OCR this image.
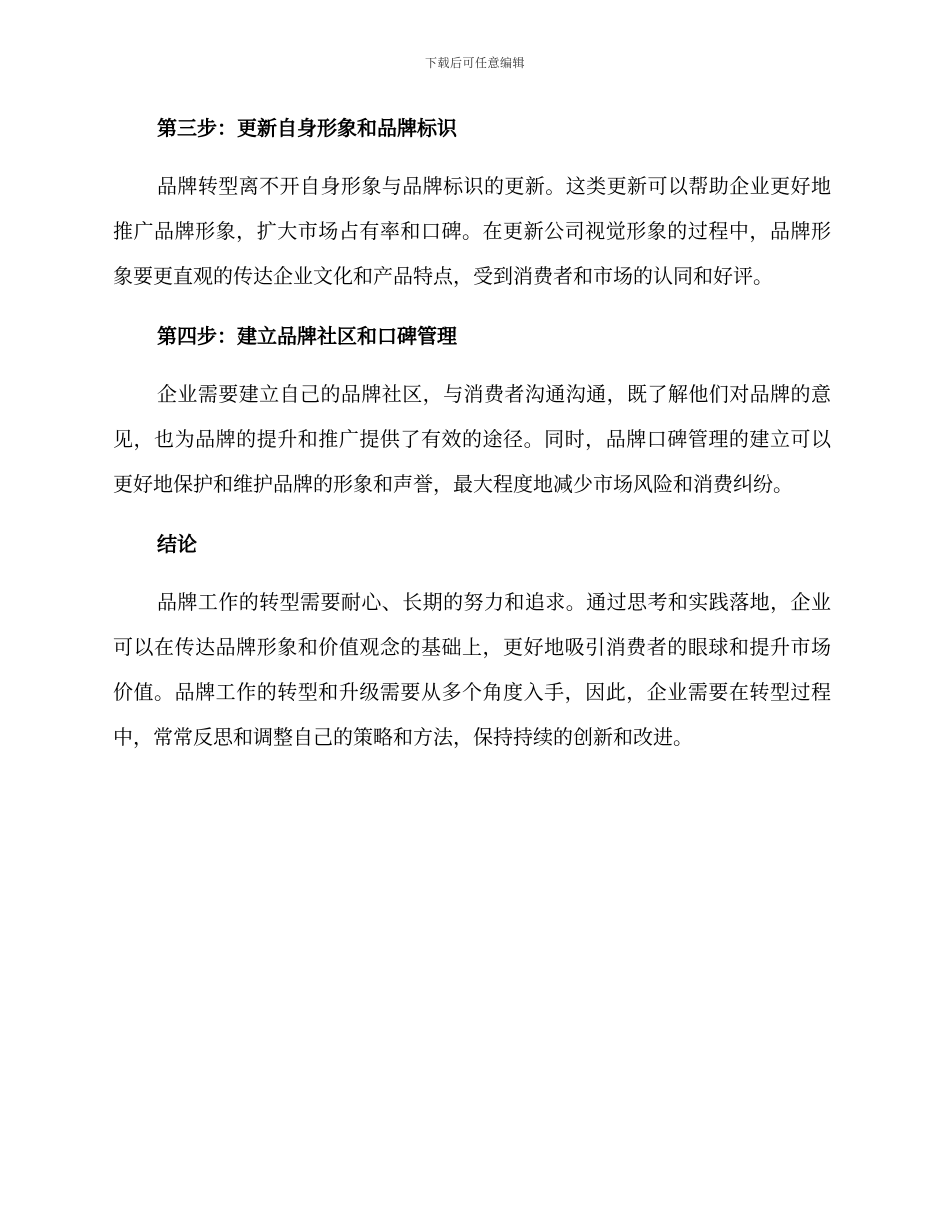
下载后可任意编辑
第三步：更新自身形象和品牌标识

品牌转型离不开自身形象与品牌标识的更新。这类更新可以帮助企业更好地推广品牌形象，扩大市场占有率和口碑。在更新公司视觉形象的过程中，品牌形象要更直观的传达企业文化和产品特点，受到消费者和市场的认同和好评。

第四步：建立品牌社区和口碑管理

企业需要建立自己的品牌社区，与消费者沟通沟通，既了解他们对品牌的意见，也为品牌的提升和推广提供了有效的途径。同时，品牌口碑管理的建立可以更好地保护和维护品牌的形象和声誉，最大程度地减少市场风险和消费纠纷。

结论

品牌工作的转型需要耐心、长期的努力和追求。通过思考和实践落地，企业可以在传达品牌形象和价值观念的基础上，更好地吸引消费者的眼球和提升市场价值。品牌工作的转型和升级需要从多个角度入手，因此，企业需要在转型过程中，常常反思和调整自己的策略和方法，保持持续的创新和改进。
